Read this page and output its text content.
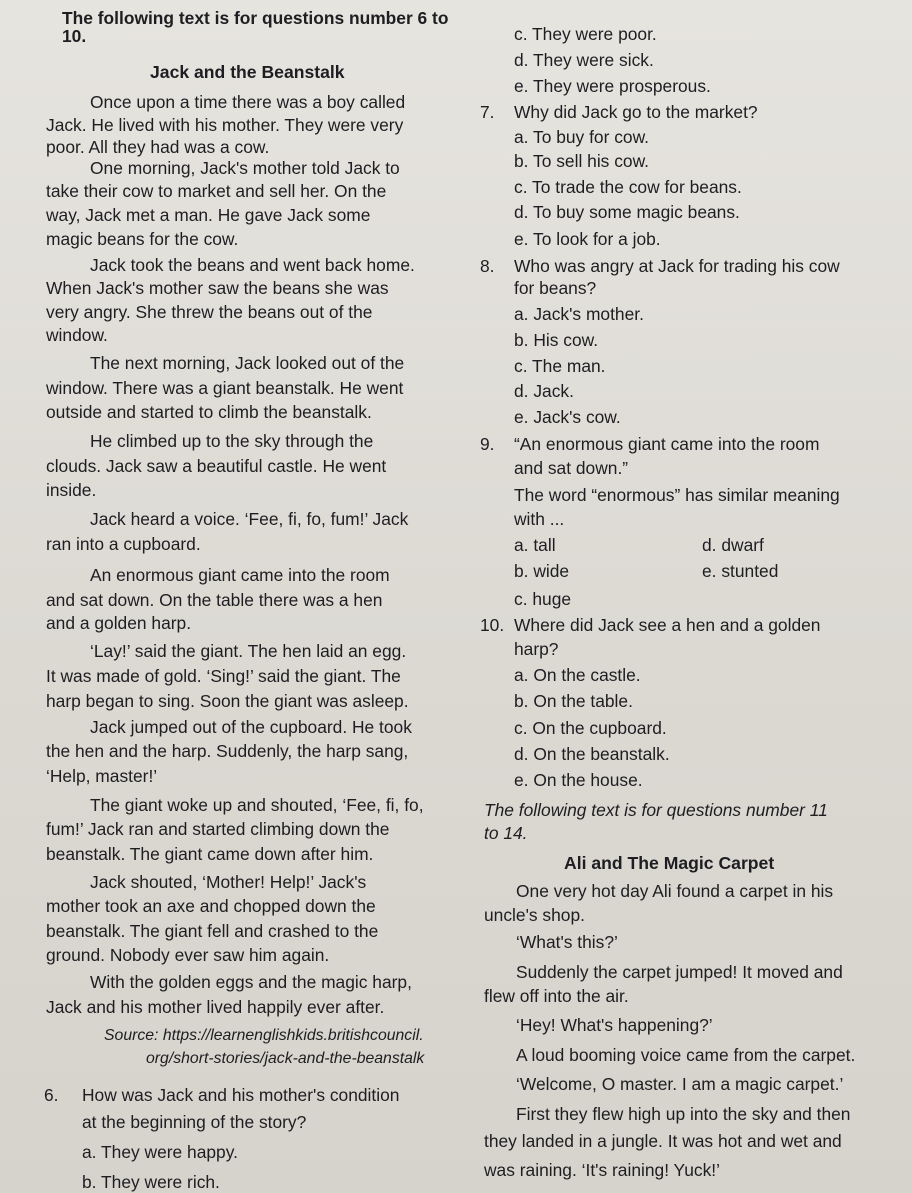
The following text is for questions number 6 to
10.
Jack and the Beanstalk
Once upon a time there was a boy called
Jack. He lived with his mother. They were very
poor. All they had was a cow.
One morning, Jack's mother told Jack to
take their cow to market and sell her. On the
way, Jack met a man. He gave Jack some
magic beans for the cow.
Jack took the beans and went back home.
When Jack's mother saw the beans she was
very angry. She threw the beans out of the
window.
The next morning, Jack looked out of the
window. There was a giant beanstalk. He went
outside and started to climb the beanstalk.
He climbed up to the sky through the
clouds. Jack saw a beautiful castle. He went
inside.
Jack heard a voice. ‘Fee, fi, fo, fum!’ Jack
ran into a cupboard.
An enormous giant came into the room
and sat down. On the table there was a hen
and a golden harp.
‘Lay!’ said the giant. The hen laid an egg.
It was made of gold. ‘Sing!’ said the giant. The
harp began to sing. Soon the giant was asleep.
Jack jumped out of the cupboard. He took
the hen and the harp. Suddenly, the harp sang,
‘Help, master!’
The giant woke up and shouted, ‘Fee, fi, fo,
fum!’ Jack ran and started climbing down the
beanstalk. The giant came down after him.
Jack shouted, ‘Mother! Help!’ Jack's
mother took an axe and chopped down the
beanstalk. The giant fell and crashed to the
ground. Nobody ever saw him again.
With the golden eggs and the magic harp,
Jack and his mother lived happily ever after.
Source: https://learnenglishkids.britishcouncil.
org/short-stories/jack-and-the-beanstalk
6. How was Jack and his mother's condition
at the beginning of the story?
a. They were happy.
b. They were rich.
c. They were poor.
d. They were sick.
e. They were prosperous.
7. Why did Jack go to the market?
a. To buy for cow.
b. To sell his cow.
c. To trade the cow for beans.
d. To buy some magic beans.
e. To look for a job.
8. Who was angry at Jack for trading his cow
for beans?
a. Jack's mother.
b. His cow.
c. The man.
d. Jack.
e. Jack's cow.
9. “An enormous giant came into the room
and sat down.”
The word “enormous” has similar meaning
with ...
a. tall
b. wide
c. huge
d. dwarf
e. stunted
10. Where did Jack see a hen and a golden
harp?
a. On the castle.
b. On the table.
c. On the cupboard.
d. On the beanstalk.
e. On the house.
The following text is for questions number 11
to 14.
Ali and The Magic Carpet
One very hot day Ali found a carpet in his
uncle's shop.
‘What's this?’
Suddenly the carpet jumped! It moved and
flew off into the air.
‘Hey! What's happening?’
A loud booming voice came from the carpet.
‘Welcome, O master. I am a magic carpet.’
First they flew high up into the sky and then
they landed in a jungle. It was hot and wet and
was raining. ‘It's raining! Yuck!’
